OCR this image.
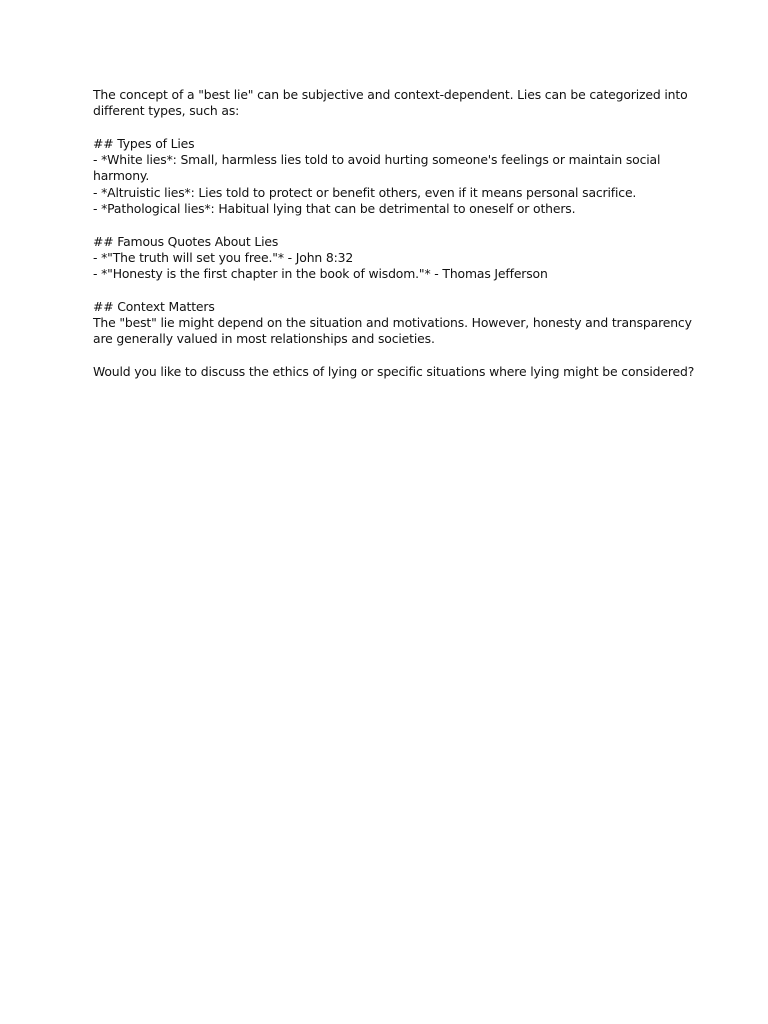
The concept of a "best lie" can be subjective and context-dependent. Lies can be categorized into
different types, such as:
## Types of Lies
- *White lies*: Small, harmless lies told to avoid hurting someone's feelings or maintain social
harmony.
- *Altruistic lies*: Lies told to protect or benefit others, even if it means personal sacrifice.
- *Pathological lies*: Habitual lying that can be detrimental to oneself or others.
## Famous Quotes About Lies
- *"The truth will set you free."* - John 8:32
- *"Honesty is the first chapter in the book of wisdom."* - Thomas Jefferson
## Context Matters
The "best" lie might depend on the situation and motivations. However, honesty and transparency
are generally valued in most relationships and societies.
Would you like to discuss the ethics of lying or specific situations where lying might be considered?
